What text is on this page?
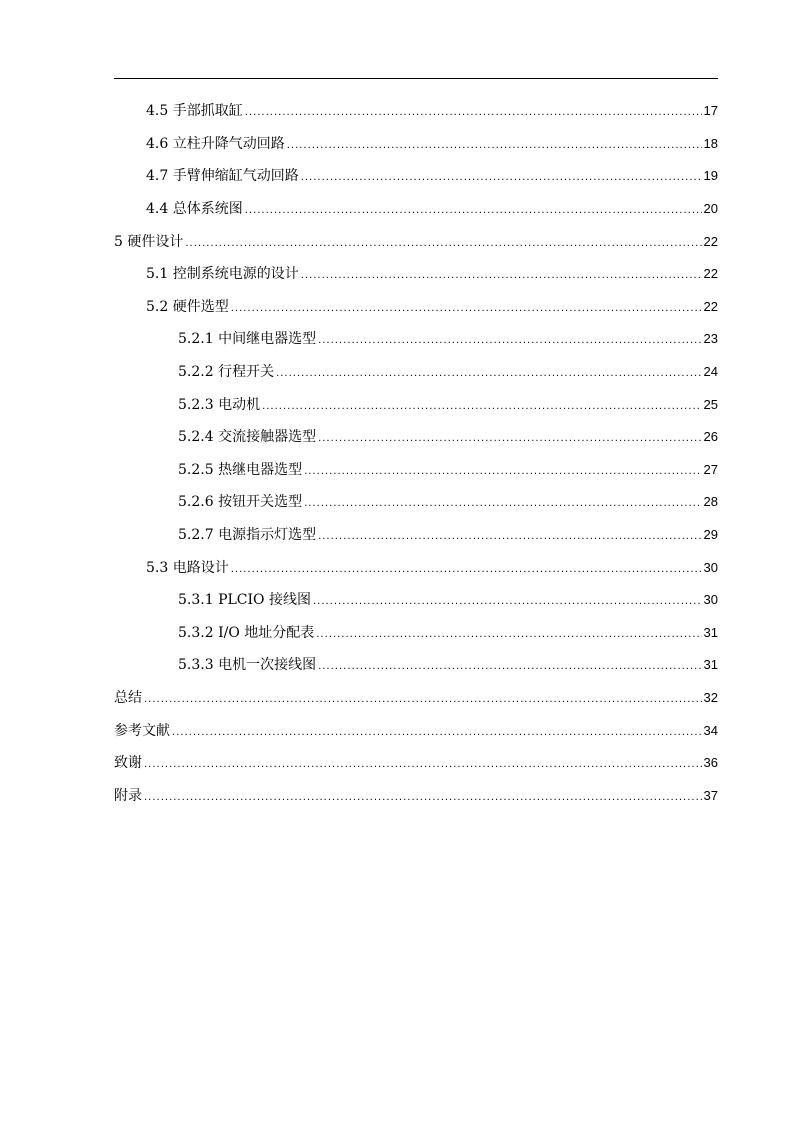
4.5 手部抓取缸 .....	17
4.6 立柱升降气动回路 .....	18
4.7 手臂伸缩缸气动回路 .....	19
4.4 总体系统图 .....	20
5 硬件设计 .....	22
5.1 控制系统电源的设计 .....	22
5.2 硬件选型 .....	22
5.2.1 中间继电器选型 .....	23
5.2.2 行程开关 .....	24
5.2.3 电动机 .....	25
5.2.4 交流接触器选型 .....	26
5.2.5 热继电器选型 .....	27
5.2.6 按钮开关选型 .....	28
5.2.7 电源指示灯选型 .....	29
5.3 电路设计 .....	30
5.3.1 PLCIO 接线图 .....	30
5.3.2 I/O 地址分配表 .....	31
5.3.3 电机一次接线图 .....	31
总结 .....	32
参考文献 .....	34
致谢 .....	36
附录 .....	37
